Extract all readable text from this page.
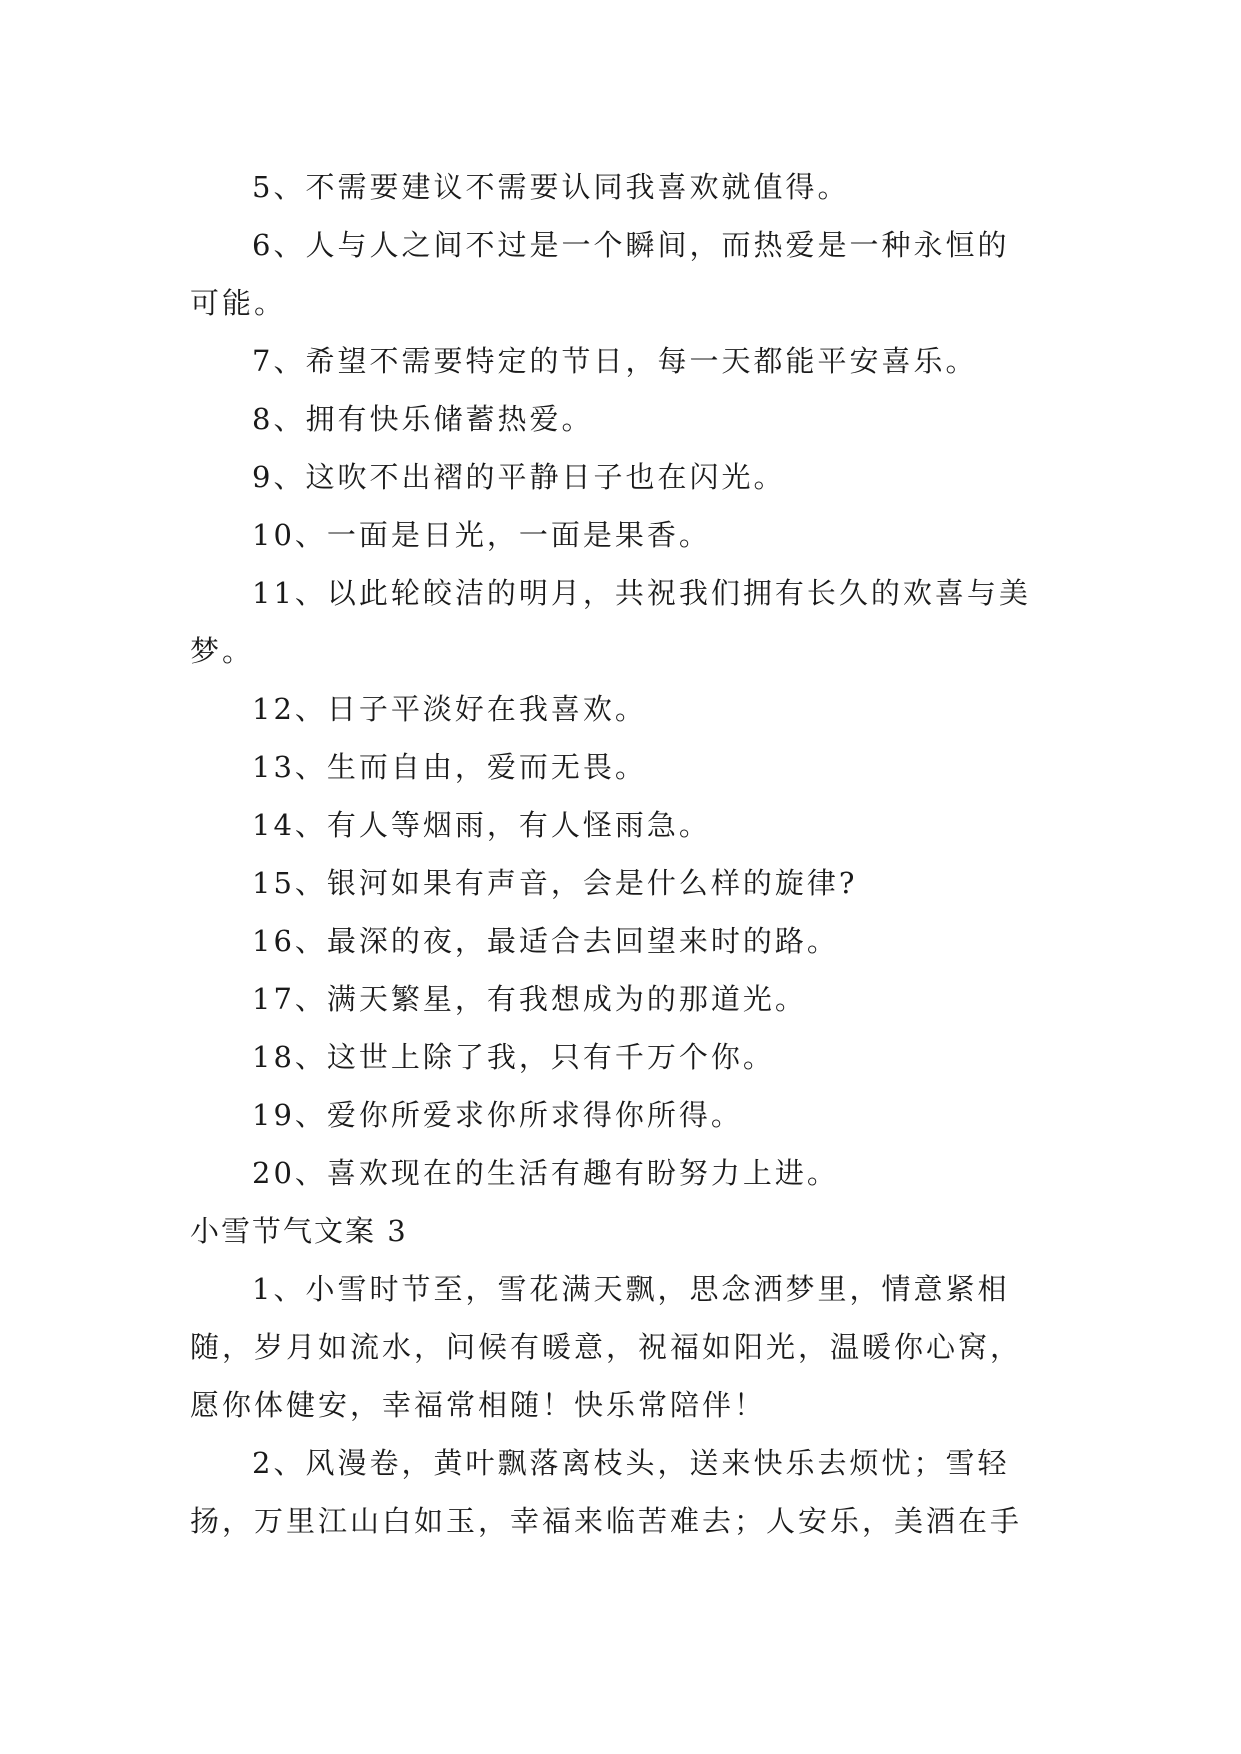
5、不需要建议不需要认同我喜欢就值得。
6、人与人之间不过是一个瞬间，而热爱是一种永恒的
可能。
7、希望不需要特定的节日，每一天都能平安喜乐。
8、拥有快乐储蓄热爱。
9、这吹不出褶的平静日子也在闪光。
10、一面是日光，一面是果香。
11、以此轮皎洁的明月，共祝我们拥有长久的欢喜与美
梦。
12、日子平淡好在我喜欢。
13、生而自由，爱而无畏。
14、有人等烟雨，有人怪雨急。
15、银河如果有声音，会是什么样的旋律?
16、最深的夜，最适合去回望来时的路。
17、满天繁星，有我想成为的那道光。
18、这世上除了我，只有千万个你。
19、爱你所爱求你所求得你所得。
20、喜欢现在的生活有趣有盼努力上进。
小雪节气文案 3
1、小雪时节至，雪花满天飘，思念洒梦里，情意紧相
随，岁月如流水，问候有暖意，祝福如阳光，温暖你心窝，
愿你体健安，幸福常相随！快乐常陪伴！
2、风漫卷，黄叶飘落离枝头，送来快乐去烦忧；雪轻
扬，万里江山白如玉，幸福来临苦难去；人安乐，美酒在手
